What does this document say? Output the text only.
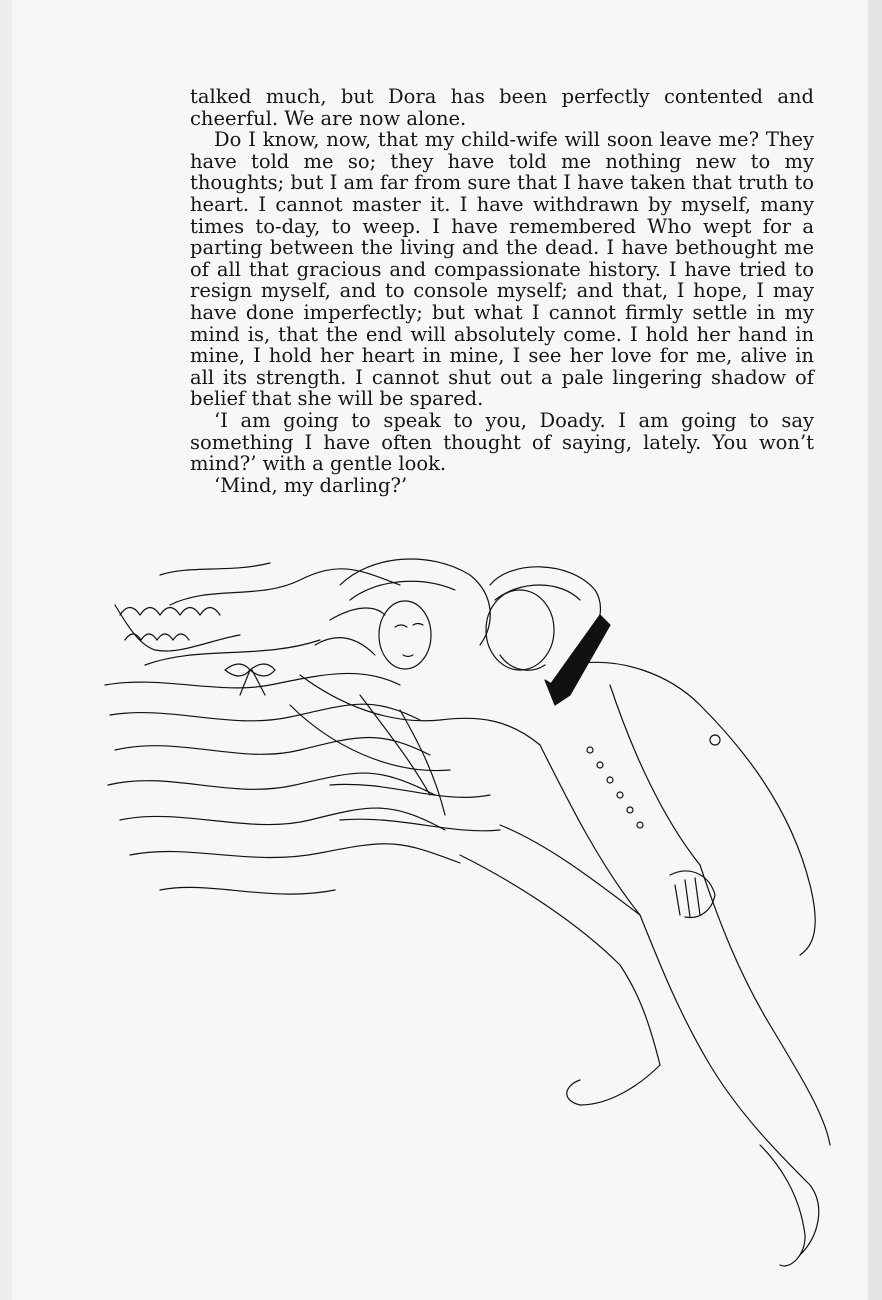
talked much, but Dora has been perfectly contented and cheerful. We are now alone.

Do I know, now, that my child-wife will soon leave me? They have told me so; they have told me nothing new to my thoughts; but I am far from sure that I have taken that truth to heart. I cannot master it. I have withdrawn by myself, many times to-day, to weep. I have remembered Who wept for a parting between the living and the dead. I have bethought me of all that gracious and compassionate history. I have tried to resign myself, and to console myself; and that, I hope, I may have done imperfectly; but what I cannot firmly settle in my mind is, that the end will absolutely come. I hold her hand in mine, I hold her heart in mine, I see her love for me, alive in all its strength. I cannot shut out a pale lingering shadow of belief that she will be spared.

‘I am going to speak to you, Doady. I am going to say something I have often thought of saying, lately. You won’t mind?’ with a gentle look.

‘Mind, my darling?’
